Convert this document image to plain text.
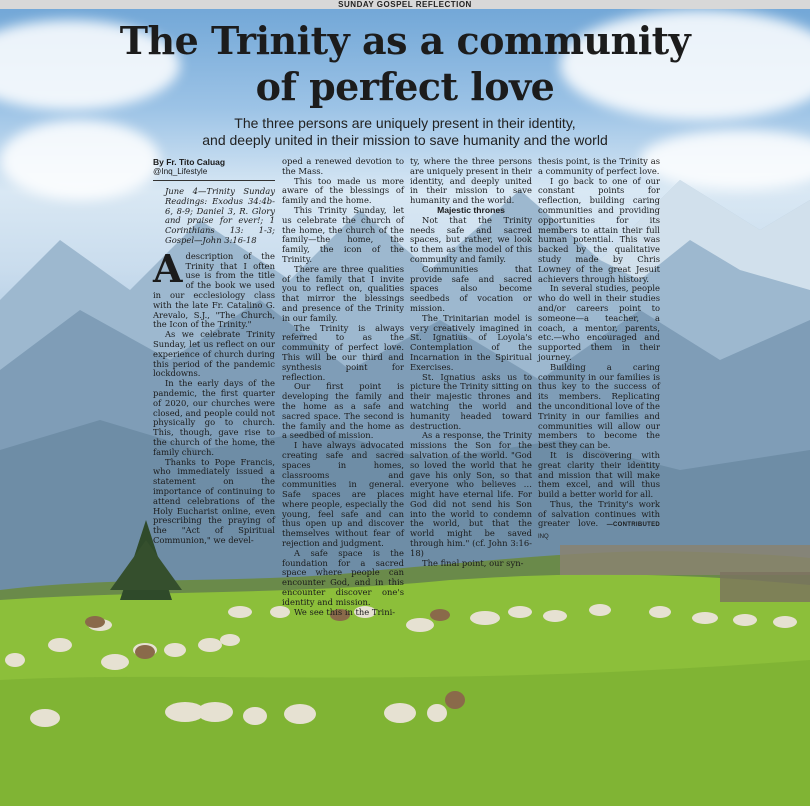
SUNDAY GOSPEL REFLECTION
The Trinity as a community
of perfect love
The three persons are uniquely present in their identity,
and deeply united in their mission to save humanity and the world
By Fr. Tito Caluag
@Inq_Lifestyle

June 4—Trinity Sunday Readings: Exodus 34:4b-6, 8-9; Daniel 3, R. Glory and praise for ever!; 1 Corinthians 13: 1-3; Gospel—John 3:16-18

Adescription of the Trinity that I often use is from the title of the book we used in our ecclesiology class with the late Fr. Catalino G. Arevalo, S.J., "The Church, the Icon of the Trinity."

As we celebrate Trinity Sunday, let us reflect on our experience of church during this period of the pandemic lockdowns.

In the early days of the pandemic, the first quarter of 2020, our churches were closed, and people could not physically go to church. This, though, gave rise to the church of the home, the family church.

Thanks to Pope Francis, who immediately issued a statement on the importance of continuing to attend celebrations of the Holy Eucharist online, even prescribing the praying of the "Act of Spiritual Communion," we devel-

oped a renewed devotion to the Mass.

This too made us more aware of the blessings of family and the home.

This Trinity Sunday, let us celebrate the church of the home, the church of the family—the home, the family, the icon of the Trinity.

There are three qualities of the family that I invite you to reflect on, qualities that mirror the blessings and presence of the Trinity in our family.

The Trinity is always referred to as the community of perfect love. This will be our third and synthesis point for reflection.

Our first point is developing the family and the home as a safe and sacred space. The second is the family and the home as a seedbed of mission.

I have always advocated creating safe and sacred spaces in homes, classrooms and communities in general. Safe spaces are places where people, especially the young, feel safe and can thus open up and discover themselves without fear of rejection and judgment.

A safe space is the foundation for a sacred space where people can encounter God, and in this encounter discover one's identity and mission.

We see this in the Trini-

ty, where the three persons are uniquely present in their identity, and deeply united in their mission to save humanity and the world.

Majestic thrones

Not that the Trinity needs safe and sacred spaces, but rather, we look to them as the model of this community and family.

Communities that provide safe and sacred spaces also become seedbeds of vocation or mission.

The Trinitarian model is very creatively imagined in St. Ignatius of Loyola's Contemplation of the Incarnation in the Spiritual Exercises.

St. Ignatius asks us to picture the Trinity sitting on their majestic thrones and watching the world and humanity headed toward destruction.

As a response, the Trinity missions the Son for the salvation of the world. "God so loved the world that he gave his only Son, so that everyone who believes … might have eternal life. For God did not send his Son into the world to condemn the world, but that the world might be saved through him." (cf. John 3:16-18)

The final point, our syn-

thesis point, is the Trinity as a community of perfect love.

I go back to one of our constant points for reflection, building caring communities and providing opportunities for its members to attain their full human potential. This was backed by the qualitative study made by Chris Lowney of the great Jesuit achievers through history.

In several studies, people who do well in their studies and/or careers point to someone—a teacher, a coach, a mentor, parents, etc.—who encouraged and supported them in their journey.

Building a caring community in our families is thus key to the success of its members. Replicating the unconditional love of the Trinity in our families and communities will allow our members to become the best they can be.

It is discovering with great clarity their identity and mission that will make them excel, and will thus build a better world for all.

Thus, the Trinity's work of salvation continues with greater love. —CONTRIBUTED INQ
